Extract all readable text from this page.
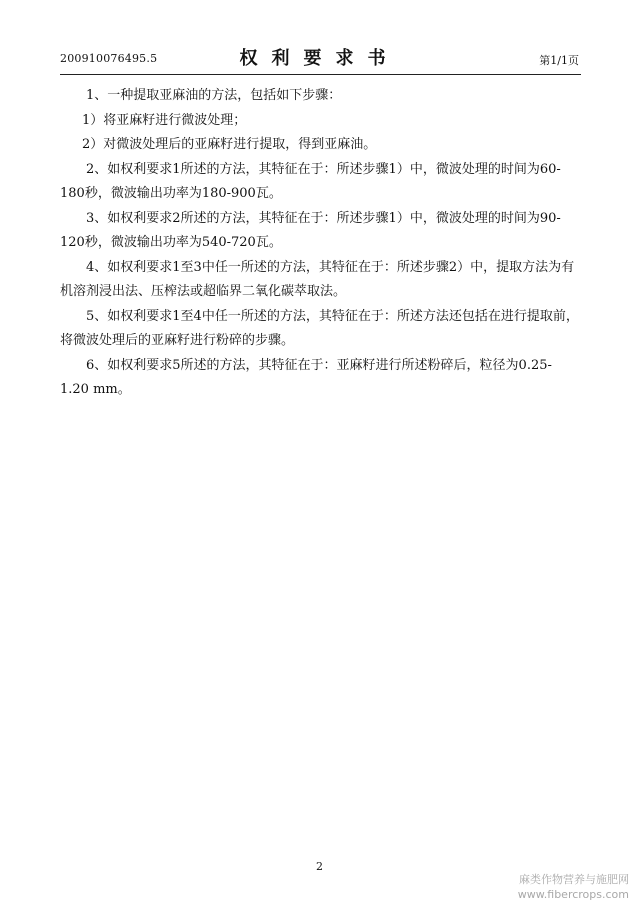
200910076495.5	权利要求书	第1/1页

1、一种提取亚麻油的方法，包括如下步骤：

1）将亚麻籽进行微波处理；

2）对微波处理后的亚麻籽进行提取，得到亚麻油。

2、如权利要求1所述的方法，其特征在于：所述步骤1）中，微波处理的时间为60-180秒，微波输出功率为180-900瓦。

3、如权利要求2所述的方法，其特征在于：所述步骤1）中，微波处理的时间为90-120秒，微波输出功率为540-720瓦。

4、如权利要求1至3中任一所述的方法，其特征在于：所述步骤2）中，提取方法为有机溶剂浸出法、压榨法或超临界二氧化碳萃取法。

5、如权利要求1至4中任一所述的方法，其特征在于：所述方法还包括在进行提取前，将微波处理后的亚麻籽进行粉碎的步骤。

6、如权利要求5所述的方法，其特征在于：亚麻籽进行所述粉碎后，粒径为0.25-1.20 mm。

2
麻类作物营养与施肥网
www.fibercrops.com
